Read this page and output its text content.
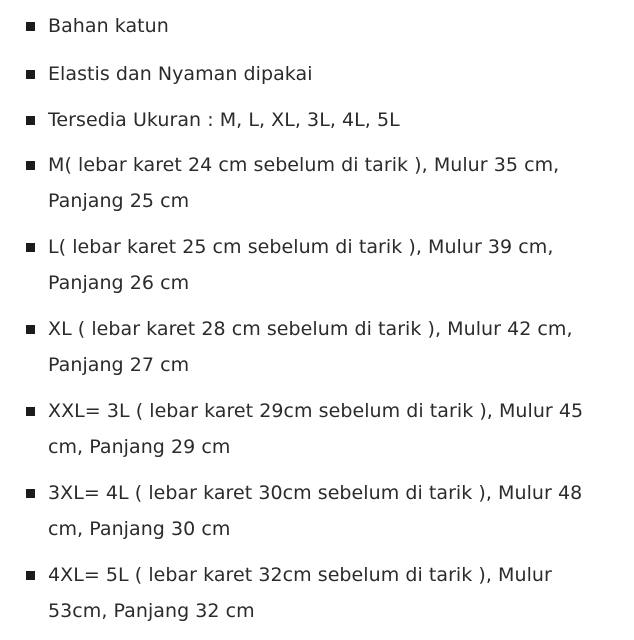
Bahan katun
Elastis dan Nyaman dipakai
Tersedia Ukuran : M, L, XL, 3L, 4L, 5L
M( lebar karet 24 cm sebelum di tarik ), Mulur 35 cm,
Panjang 25 cm
L( lebar karet 25 cm sebelum di tarik ), Mulur 39 cm,
Panjang 26 cm
XL ( lebar karet 28 cm sebelum di tarik ), Mulur 42 cm,
Panjang 27 cm
XXL= 3L ( lebar karet 29cm sebelum di tarik ), Mulur 45
cm, Panjang 29 cm
3XL= 4L ( lebar karet 30cm sebelum di tarik ), Mulur 48
cm, Panjang 30 cm
4XL= 5L ( lebar karet 32cm sebelum di tarik ), Mulur
53cm, Panjang 32 cm
